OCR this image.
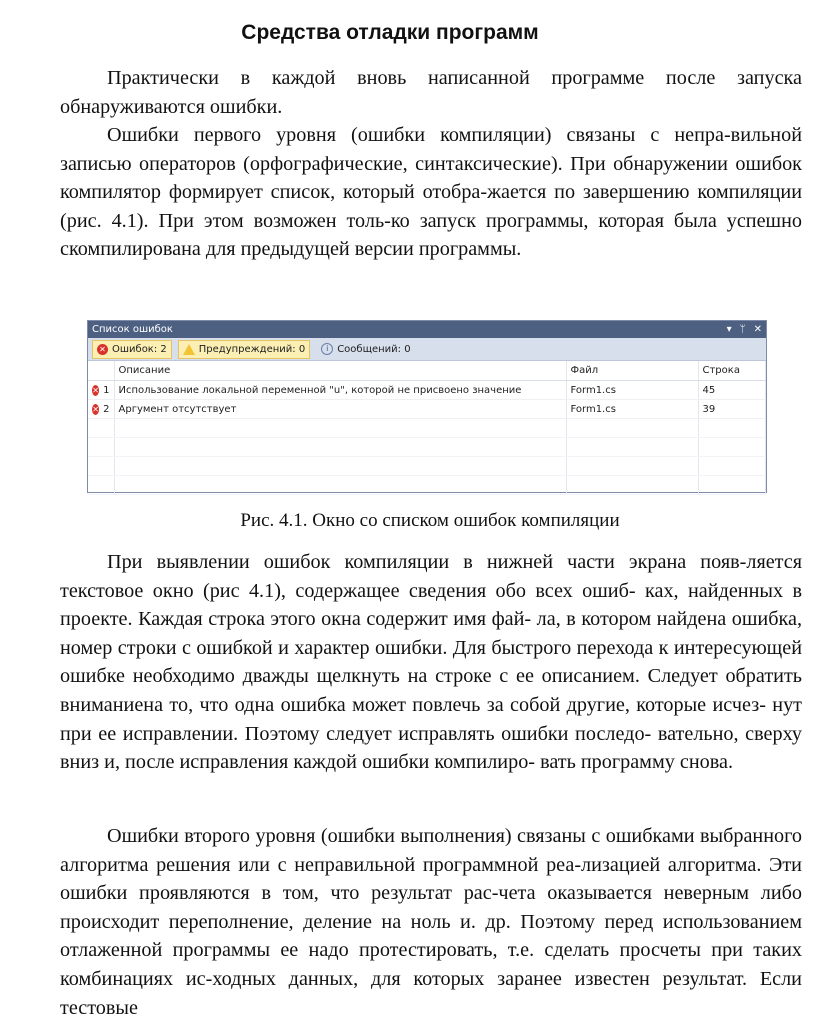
Средства отладки программ

Практически в каждой вновь написанной программе после запуска обнаруживаются ошибки.

Ошибки первого уровня (ошибки компиляции) связаны с непра-вильной записью операторов (орфографические, синтаксические). При обнаружении ошибок компилятор формирует список, который отобра-жается по завершению компиляции (рис. 4.1). При этом возможен толь-ко запуск программы, которая была успешно скомпилирована для предыдущей версии программы.

Список ошибок	▾ ᛘ ✕
✕ Ошибок: 2	Предупреждений: 0	i Сообщений: 0
	Описание	Файл	Строка

✕ 1	Использование локальной переменной "u", которой не присвоено значение	Form1.cs	45

✕ 2	Аргумент отсутствует	Form1.cs	39

Рис. 4.1. Окно со списком ошибок компиляции

При выявлении ошибок компиляции в нижней части экрана появ-ляется текстовое окно (рис 4.1), содержащее сведения обо всех ошиб- ках, найденных в проекте. Каждая строка этого окна содержит имя фай- ла, в котором найдена ошибка, номер строки с ошибкой и характер ошибки. Для быстрого перехода к интересующей ошибке необходимо дважды щелкнуть на строке с ее описанием. Следует обратить вниманиена то, что одна ошибка может повлечь за собой другие, которые исчез- нут при ее исправлении. Поэтому следует исправлять ошибки последо- вательно, сверху вниз и, после исправления каждой ошибки компилиро- вать программу снова.

Ошибки второго уровня (ошибки выполнения) связаны с ошибками выбранного алгоритма решения или с неправильной программной реа-лизацией алгоритма. Эти ошибки проявляются в том, что результат рас-чета оказывается неверным либо происходит переполнение, деление на ноль и. др. Поэтому перед использованием отлаженной программы ее надо протестировать, т.е. сделать просчеты при таких комбинациях ис-ходных данных, для которых заранее известен результат. Если тестовые
